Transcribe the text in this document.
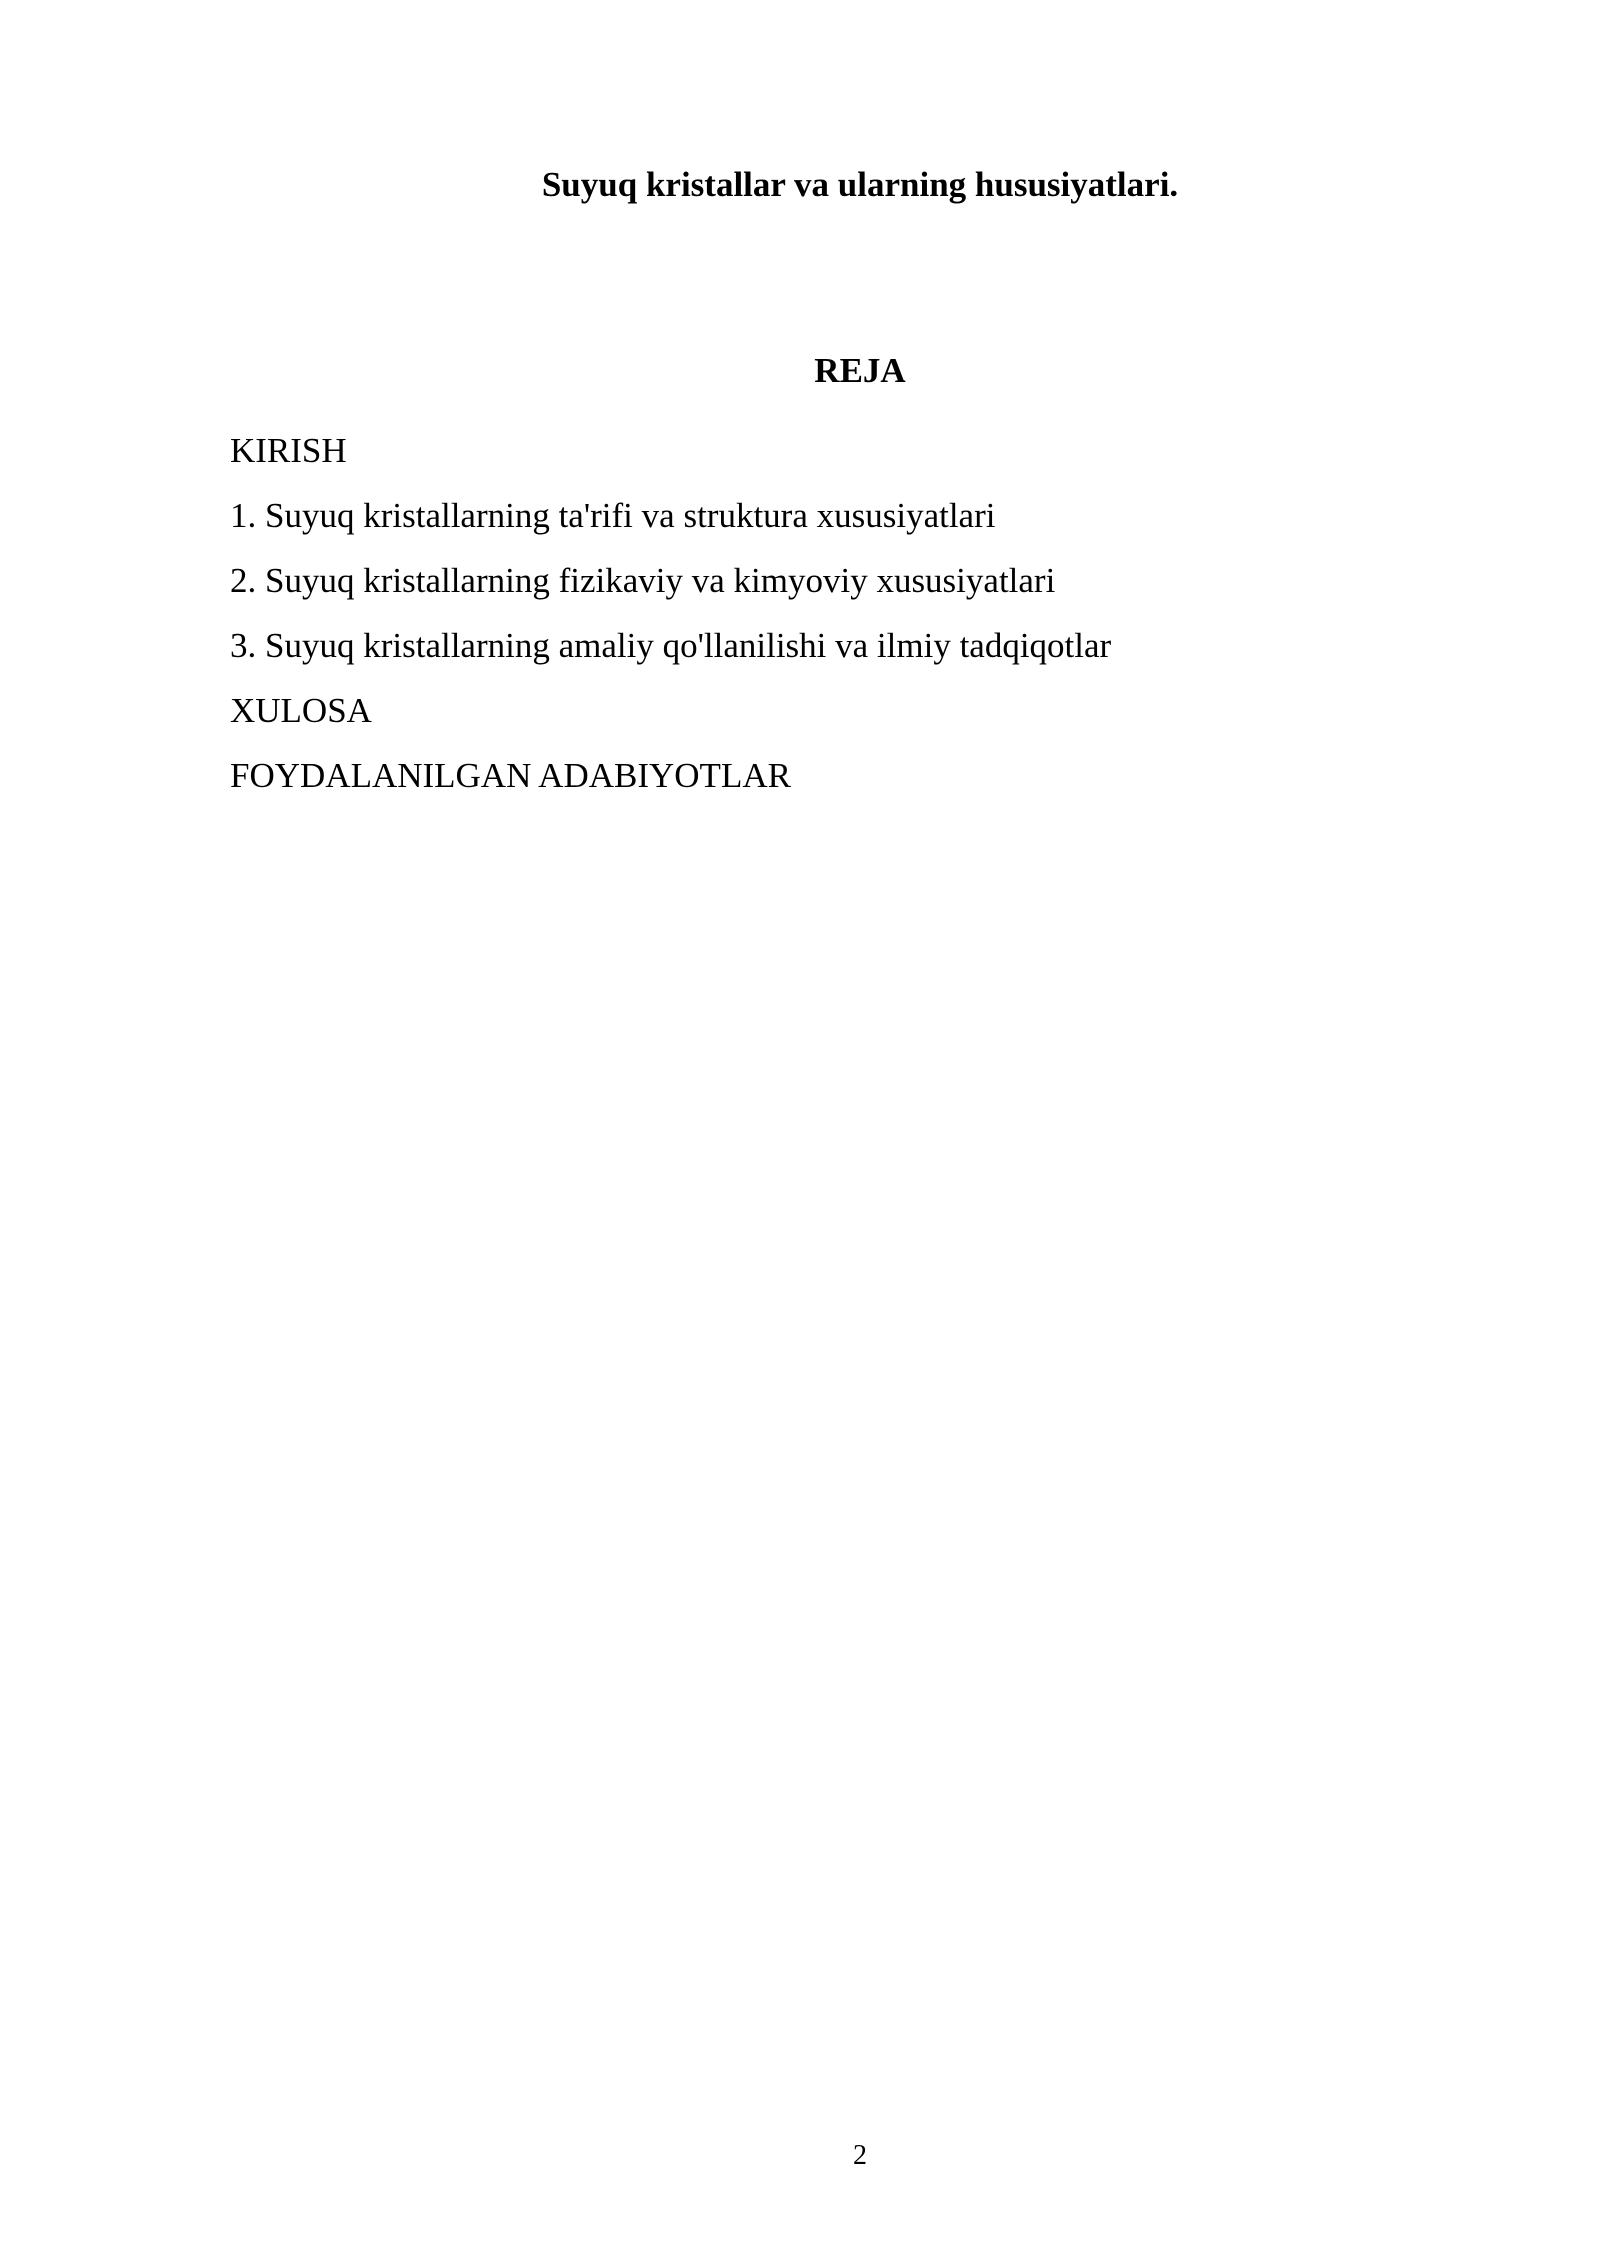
Suyuq kristallar va ularning hususiyatlari.
REJA
KIRISH
1. Suyuq kristallarning ta'rifi va struktura xususiyatlari
2. Suyuq kristallarning fizikaviy va kimyoviy xususiyatlari
3. Suyuq kristallarning amaliy qo'llanilishi va ilmiy tadqiqotlar
XULOSA
FOYDALANILGAN ADABIYOTLAR
2
